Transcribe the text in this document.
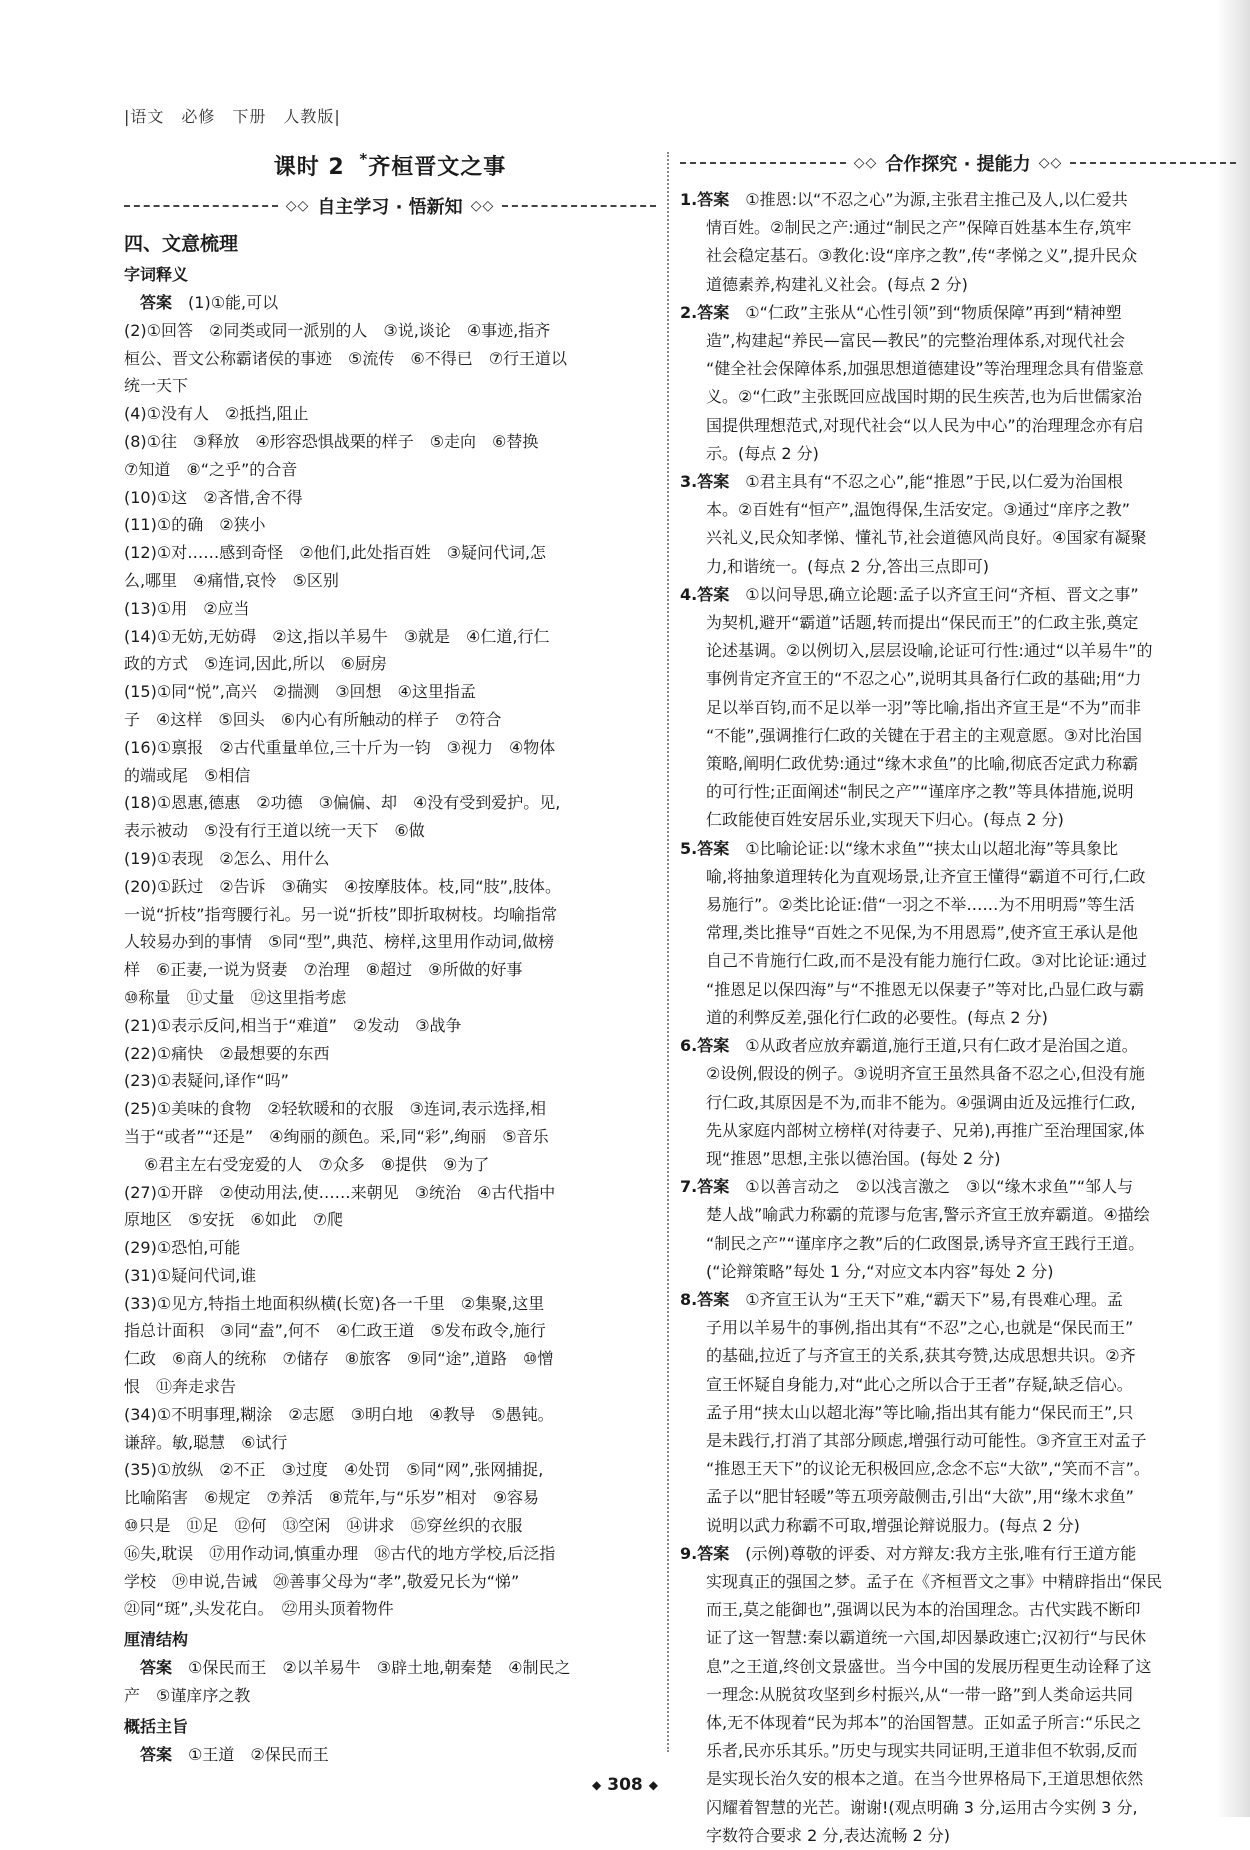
|语文　必修　下册　人教版|
课时 2 *齐桓晋文之事
◇◇ 自主学习 · 悟新知 ◇◇
四、文意梳理
字词释义
答案　 (1)①能,可以
(2)①回答　②同类或同一派别的人　③说,谈论　④事迹,指齐
桓公、晋文公称霸诸侯的事迹　⑤流传　⑥不得已　⑦行王道以
统一天下
(4)①没有人　②抵挡,阻止
(8)①往　③释放　④形容恐惧战栗的样子　⑤走向　⑥替换
⑦知道　⑧“之乎”的合音
(10)①这　②吝惜,舍不得
(11)①的确　②狭小
(12)①对……感到奇怪　②他们,此处指百姓　③疑问代词,怎
么,哪里　④痛惜,哀怜　⑤区别
(13)①用　②应当
(14)①无妨,无妨碍　②这,指以羊易牛　③就是　④仁道,行仁
政的方式　⑤连词,因此,所以　⑥厨房
(15)①同“悦”,高兴　②揣测　③回想　④这里指孟
子　④这样　⑤回头　⑥内心有所触动的样子　⑦符合
(16)①禀报　②古代重量单位,三十斤为一钧　③视力　④物体
的端或尾　⑤相信
(18)①恩惠,德惠　②功德　③偏偏、却　④没有受到爱护。见,
表示被动　⑤没有行王道以统一天下　⑥做
(19)①表现　②怎么、用什么
(20)①跃过　②告诉　③确实　④按摩肢体。枝,同“肢”,肢体。
一说“折枝”指弯腰行礼。另一说“折枝”即折取树枝。均喻指常
人较易办到的事情　⑤同“型”,典范、榜样,这里用作动词,做榜
样　⑥正妻,一说为贤妻　⑦治理　⑧超过　⑨所做的好事
⑩称量　⑪丈量　⑫这里指考虑
(21)①表示反问,相当于“难道”　②发动　③战争
(22)①痛快　②最想要的东西
(23)①表疑问,译作“吗”
(25)①美味的食物　②轻软暖和的衣服　③连词,表示选择,相
当于“或者”“还是”　④绚丽的颜色。采,同“彩”,绚丽　⑤音乐
⑥君主左右受宠爱的人　⑦众多　⑧提供　⑨为了
(27)①开辟　②使动用法,使……来朝见　③统治　④古代指中
原地区　⑤安抚　⑥如此　⑦爬
(29)①恐怕,可能
(31)①疑问代词,谁
(33)①见方,特指土地面积纵横(长宽)各一千里　②集聚,这里
指总计面积　③同“盍”,何不　④仁政王道　⑤发布政令,施行
仁政　⑥商人的统称　⑦储存　⑧旅客　⑨同“途”,道路　⑩憎
恨　⑪奔走求告
(34)①不明事理,糊涂　②志愿　③明白地　④教导　⑤愚钝。
谦辞。敏,聪慧　⑥试行
(35)①放纵　②不正　③过度　④处罚　⑤同“网”,张网捕捉,
比喻陷害　⑥规定　⑦养活　⑧荒年,与“乐岁”相对　⑨容易
⑩只是　⑪足　⑫何　⑬空闲　⑭讲求　⑮穿丝织的衣服
⑯失,耽误　⑰用作动词,慎重办理　⑱古代的地方学校,后泛指
学校　⑲申说,告诫　⑳善事父母为“孝”,敬爱兄长为“悌”
㉑同“斑”,头发花白。　㉒用头顶着物件
厘清结构
答案　 ①保民而王　②以羊易牛　③辟土地,朝秦楚　④制民之
产　⑤谨庠序之教
概括主旨
答案　 ①王道　②保民而王
◇◇ 合作探究 · 提能力 ◇◇
1.答案　 ①推恩:以“不忍之心”为源,主张君主推己及人,以仁爱共
情百姓。②制民之产:通过“制民之产”保障百姓基本生存,筑牢
社会稳定基石。③教化:设“庠序之教”,传“孝悌之义”,提升民众
道德素养,构建礼义社会。(每点 2 分)
2.答案　 ①“仁政”主张从“心性引领”到“物质保障”再到“精神塑
造”,构建起“养民—富民—教民”的完整治理体系,对现代社会
“健全社会保障体系,加强思想道德建设”等治理理念具有借鉴意
义。②“仁政”主张既回应战国时期的民生疾苦,也为后世儒家治
国提供理想范式,对现代社会“以人民为中心”的治理理念亦有启
示。(每点 2 分)
3.答案　 ①君主具有“不忍之心”,能“推恩”于民,以仁爱为治国根
本。②百姓有“恒产”,温饱得保,生活安定。③通过“庠序之教”
兴礼义,民众知孝悌、懂礼节,社会道德风尚良好。④国家有凝聚
力,和谐统一。(每点 2 分,答出三点即可)
4.答案　 ①以问导思,确立论题:孟子以齐宣王问“齐桓、晋文之事”
为契机,避开“霸道”话题,转而提出“保民而王”的仁政主张,奠定
论述基调。②以例切入,层层设喻,论证可行性:通过“以羊易牛”的
事例肯定齐宣王的“不忍之心”,说明其具备行仁政的基础;用“力
足以举百钧,而不足以举一羽”等比喻,指出齐宣王是“不为”而非
“不能”,强调推行仁政的关键在于君主的主观意愿。③对比治国
策略,阐明仁政优势:通过“缘木求鱼”的比喻,彻底否定武力称霸
的可行性;正面阐述“制民之产”“谨庠序之教”等具体措施,说明
仁政能使百姓安居乐业,实现天下归心。(每点 2 分)
5.答案　 ①比喻论证:以“缘木求鱼”“挟太山以超北海”等具象比
喻,将抽象道理转化为直观场景,让齐宣王懂得“霸道不可行,仁政
易施行”。②类比论证:借“一羽之不举……为不用明焉”等生活
常理,类比推导“百姓之不见保,为不用恩焉”,使齐宣王承认是他
自己不肯施行仁政,而不是没有能力施行仁政。③对比论证:通过
“推恩足以保四海”与“不推恩无以保妻子”等对比,凸显仁政与霸
道的利弊反差,强化行仁政的必要性。(每点 2 分)
6.答案　 ①从政者应放弃霸道,施行王道,只有仁政才是治国之道。
②设例,假设的例子。③说明齐宣王虽然具备不忍之心,但没有施
行仁政,其原因是不为,而非不能为。④强调由近及远推行仁政,
先从家庭内部树立榜样(对待妻子、兄弟),再推广至治理国家,体
现“推恩”思想,主张以德治国。(每处 2 分)
7.答案　 ①以善言动之　②以浅言激之　③以“缘木求鱼”“邹人与
楚人战”喻武力称霸的荒谬与危害,警示齐宣王放弃霸道。④描绘
“制民之产”“谨庠序之教”后的仁政图景,诱导齐宣王践行王道。
(“论辩策略”每处 1 分,“对应文本内容”每处 2 分)
8.答案　 ①齐宣王认为“王天下”难,“霸天下”易,有畏难心理。孟
子用以羊易牛的事例,指出其有“不忍”之心,也就是“保民而王”
的基础,拉近了与齐宣王的关系,获其夸赞,达成思想共识。②齐
宣王怀疑自身能力,对“此心之所以合于王者”存疑,缺乏信心。
孟子用“挟太山以超北海”等比喻,指出其有能力“保民而王”,只
是未践行,打消了其部分顾虑,增强行动可能性。③齐宣王对孟子
“推恩王天下”的议论无积极回应,念念不忘“大欲”,“笑而不言”。
孟子以“肥甘轻暖”等五项旁敲侧击,引出“大欲”,用“缘木求鱼”
说明以武力称霸不可取,增强论辩说服力。(每点 2 分)
9.答案　 (示例)尊敬的评委、对方辩友:我方主张,唯有行王道方能
实现真正的强国之梦。孟子在《齐桓晋文之事》中精辟指出“保民
而王,莫之能御也”,强调以民为本的治国理念。古代实践不断印
证了这一智慧:秦以霸道统一六国,却因暴政速亡;汉初行“与民休
息”之王道,终创文景盛世。当今中国的发展历程更生动诠释了这
一理念:从脱贫攻坚到乡村振兴,从“一带一路”到人类命运共同
体,无不体现着“民为邦本”的治国智慧。正如孟子所言:“乐民之
乐者,民亦乐其乐。”历史与现实共同证明,王道非但不软弱,反而
是实现长治久安的根本之道。在当今世界格局下,王道思想依然
闪耀着智慧的光芒。谢谢!(观点明确 3 分,运用古今实例 3 分,
字数符合要求 2 分,表达流畅 2 分)
◆ 308 ◆
